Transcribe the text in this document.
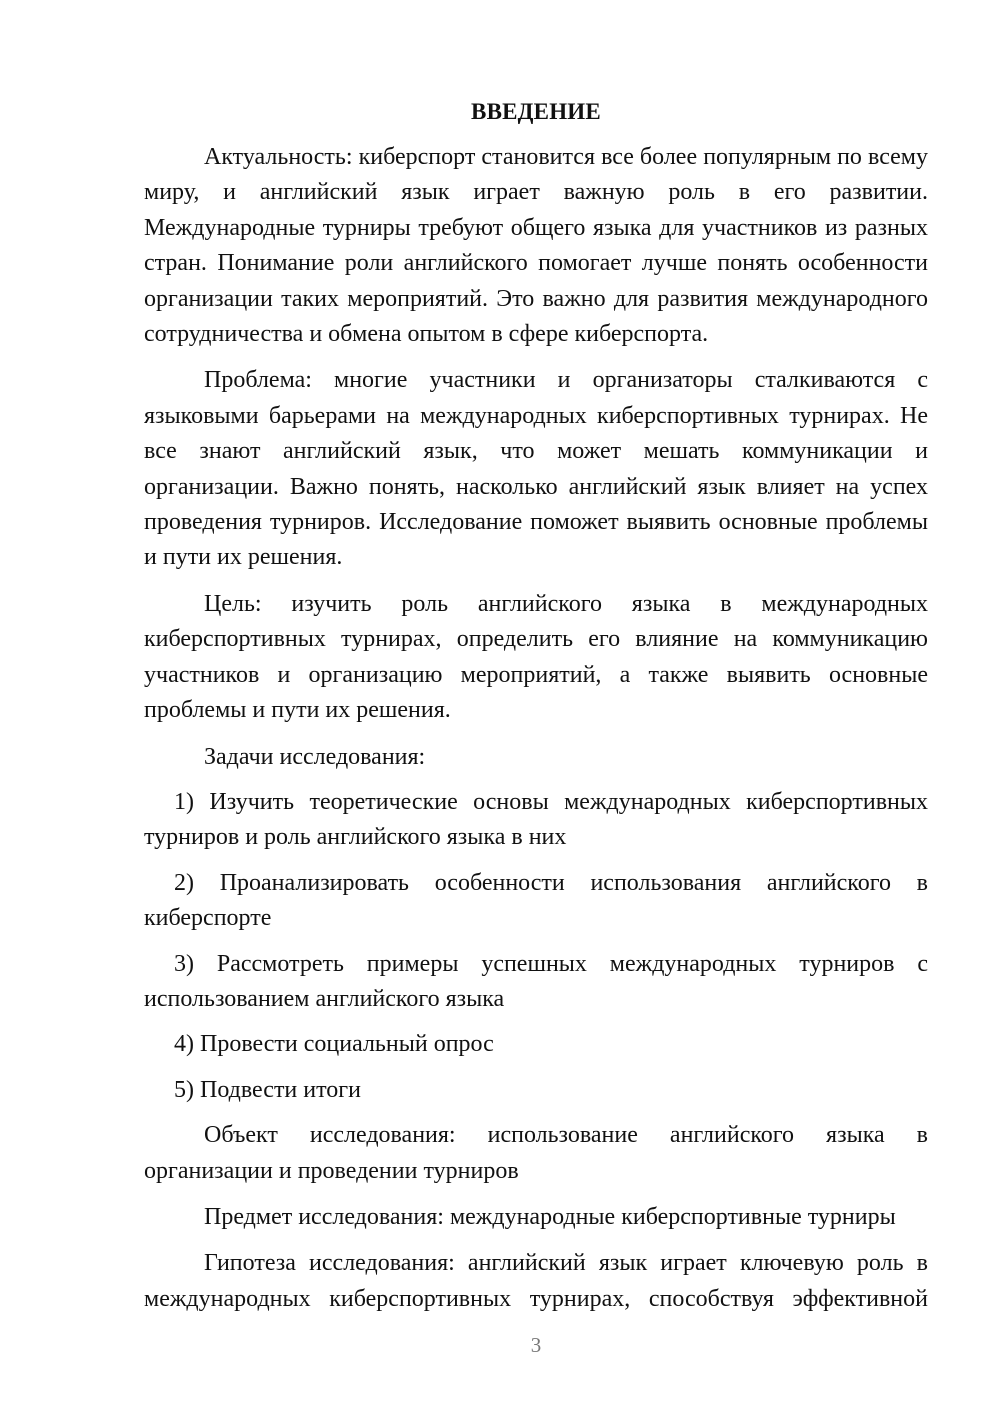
ВВЕДЕНИЕ

Актуальность: киберспорт становится все более популярным по всему миру, и английский язык играет важную роль в его развитии. Международные турниры требуют общего языка для участников из разных стран. Понимание роли английского помогает лучше понять особенности организации таких мероприятий. Это важно для развития международного сотрудничества и обмена опытом в сфере киберспорта.

Проблема: многие участники и организаторы сталкиваются с языковыми барьерами на международных киберспортивных турнирах. Не все знают английский язык, что может мешать коммуникации и организации. Важно понять, насколько английский язык влияет на успех проведения турниров. Исследование поможет выявить основные проблемы и пути их решения.

Цель: изучить роль английского языка в международных киберспортивных турнирах, определить его влияние на коммуникацию участников и организацию мероприятий, а также выявить основные проблемы и пути их решения.

Задачи исследования:

1) Изучить теоретические основы международных киберспортивных турниров и роль английского языка в них

2) Проанализировать особенности использования английского в киберспорте

3) Рассмотреть примеры успешных международных турниров с использованием английского языка

4) Провести социальный опрос

5) Подвести итоги

Объект исследования: использование английского языка в организации и проведении турниров

Предмет исследования: международные киберспортивные турниры

Гипотеза исследования: английский язык играет ключевую роль в международных киберспортивных турнирах, способствуя эффективной

3
